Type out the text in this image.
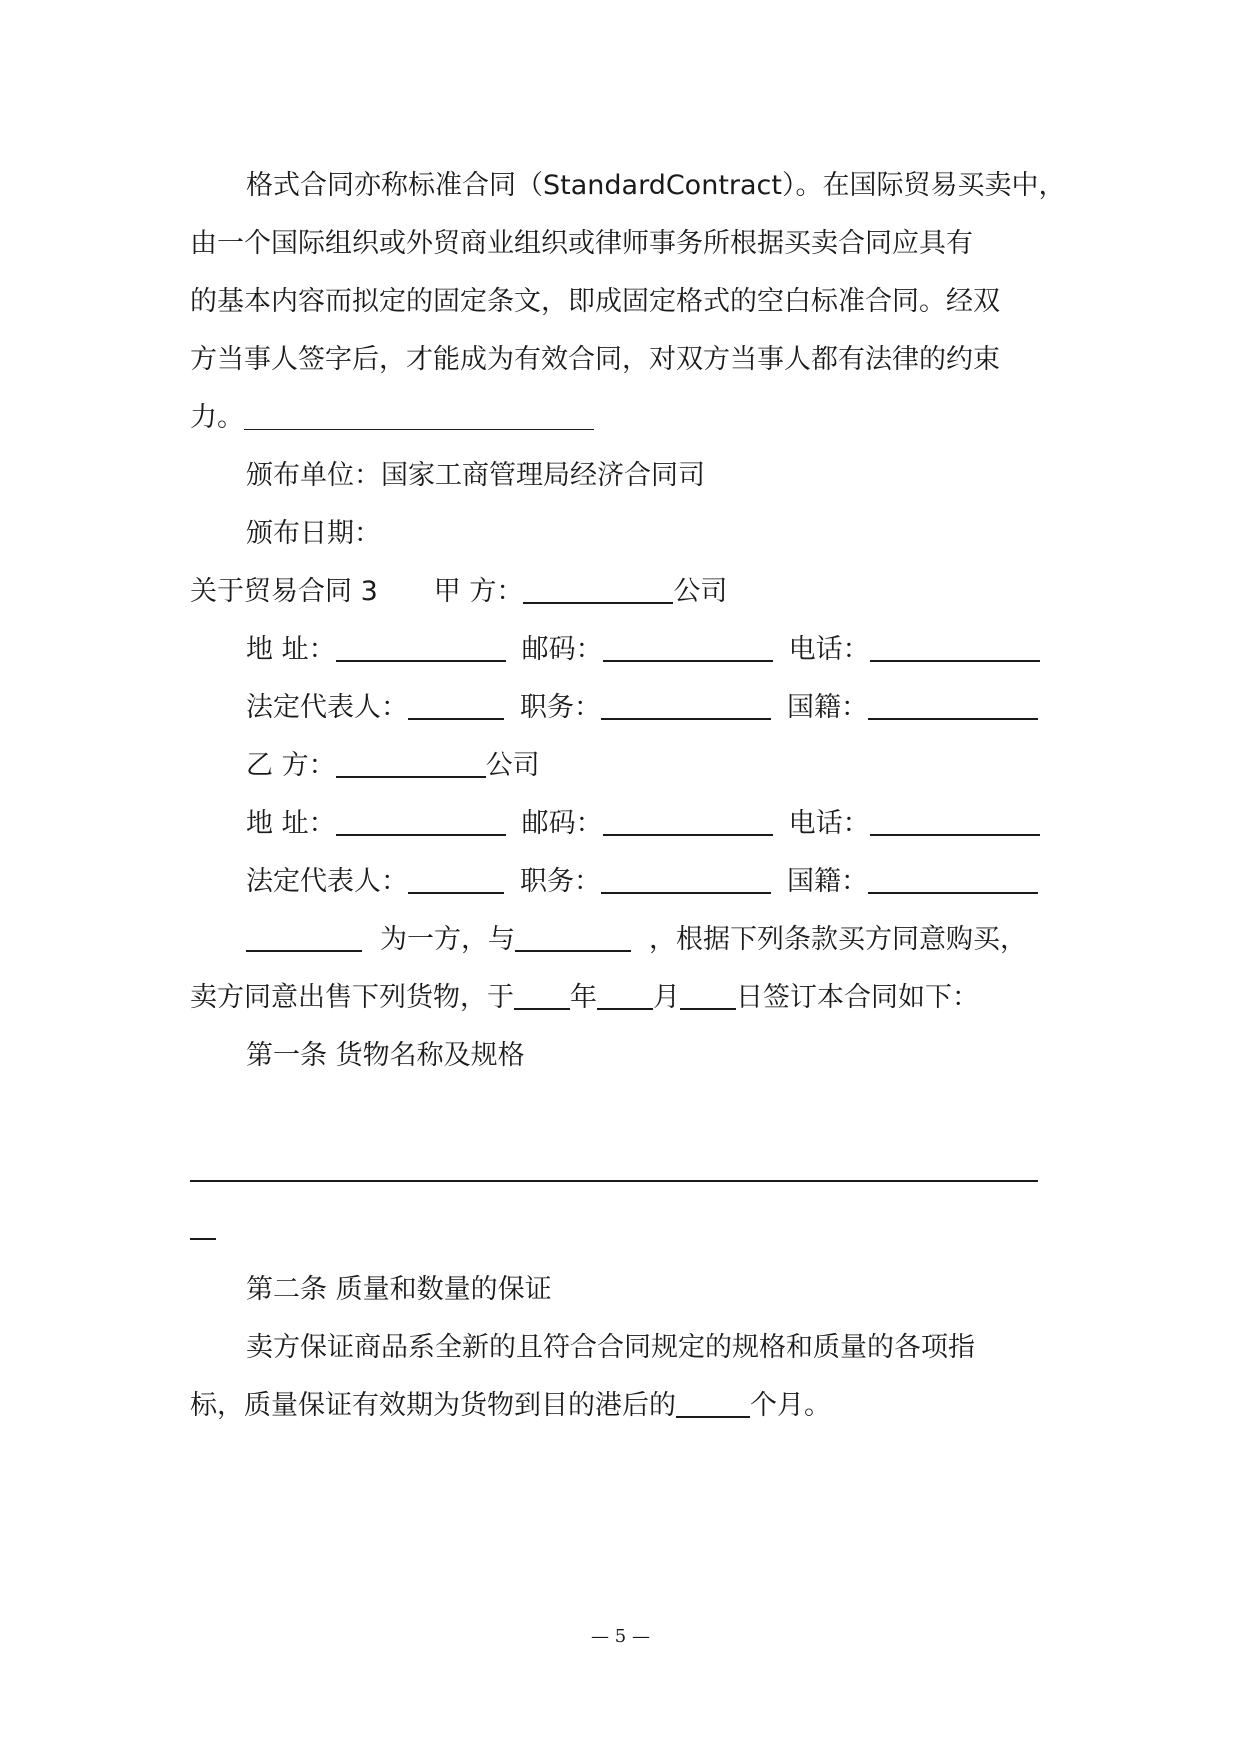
格式合同亦称标准合同（StandardContract）。在国际贸易买卖中，
由一个国际组织或外贸商业组织或律师事务所根据买卖合同应具有
的基本内容而拟定的固定条文，即成固定格式的空白标准合同。经双
方当事人签字后，才能成为有效合同，对双方当事人都有法律的约束
力。
颁布单位：国家工商管理局经济合同司
颁布日期：
关于贸易合同 3 甲 方：	公司
地 址：	邮码：	电话：
法定代表人：	职务：	国籍：
乙 方：	公司
地 址：	邮码：	电话：
法定代表人：	职务：	国籍：
为一方，与	，根据下列条款买方同意购买，
卖方同意出售下列货物，于 年 月 日签订本合同如下：
第一条 货物名称及规格
第二条 质量和数量的保证
卖方保证商品系全新的且符合合同规定的规格和质量的各项指
标，质量保证有效期为货物到目的港后的	个月。
— 5 —
